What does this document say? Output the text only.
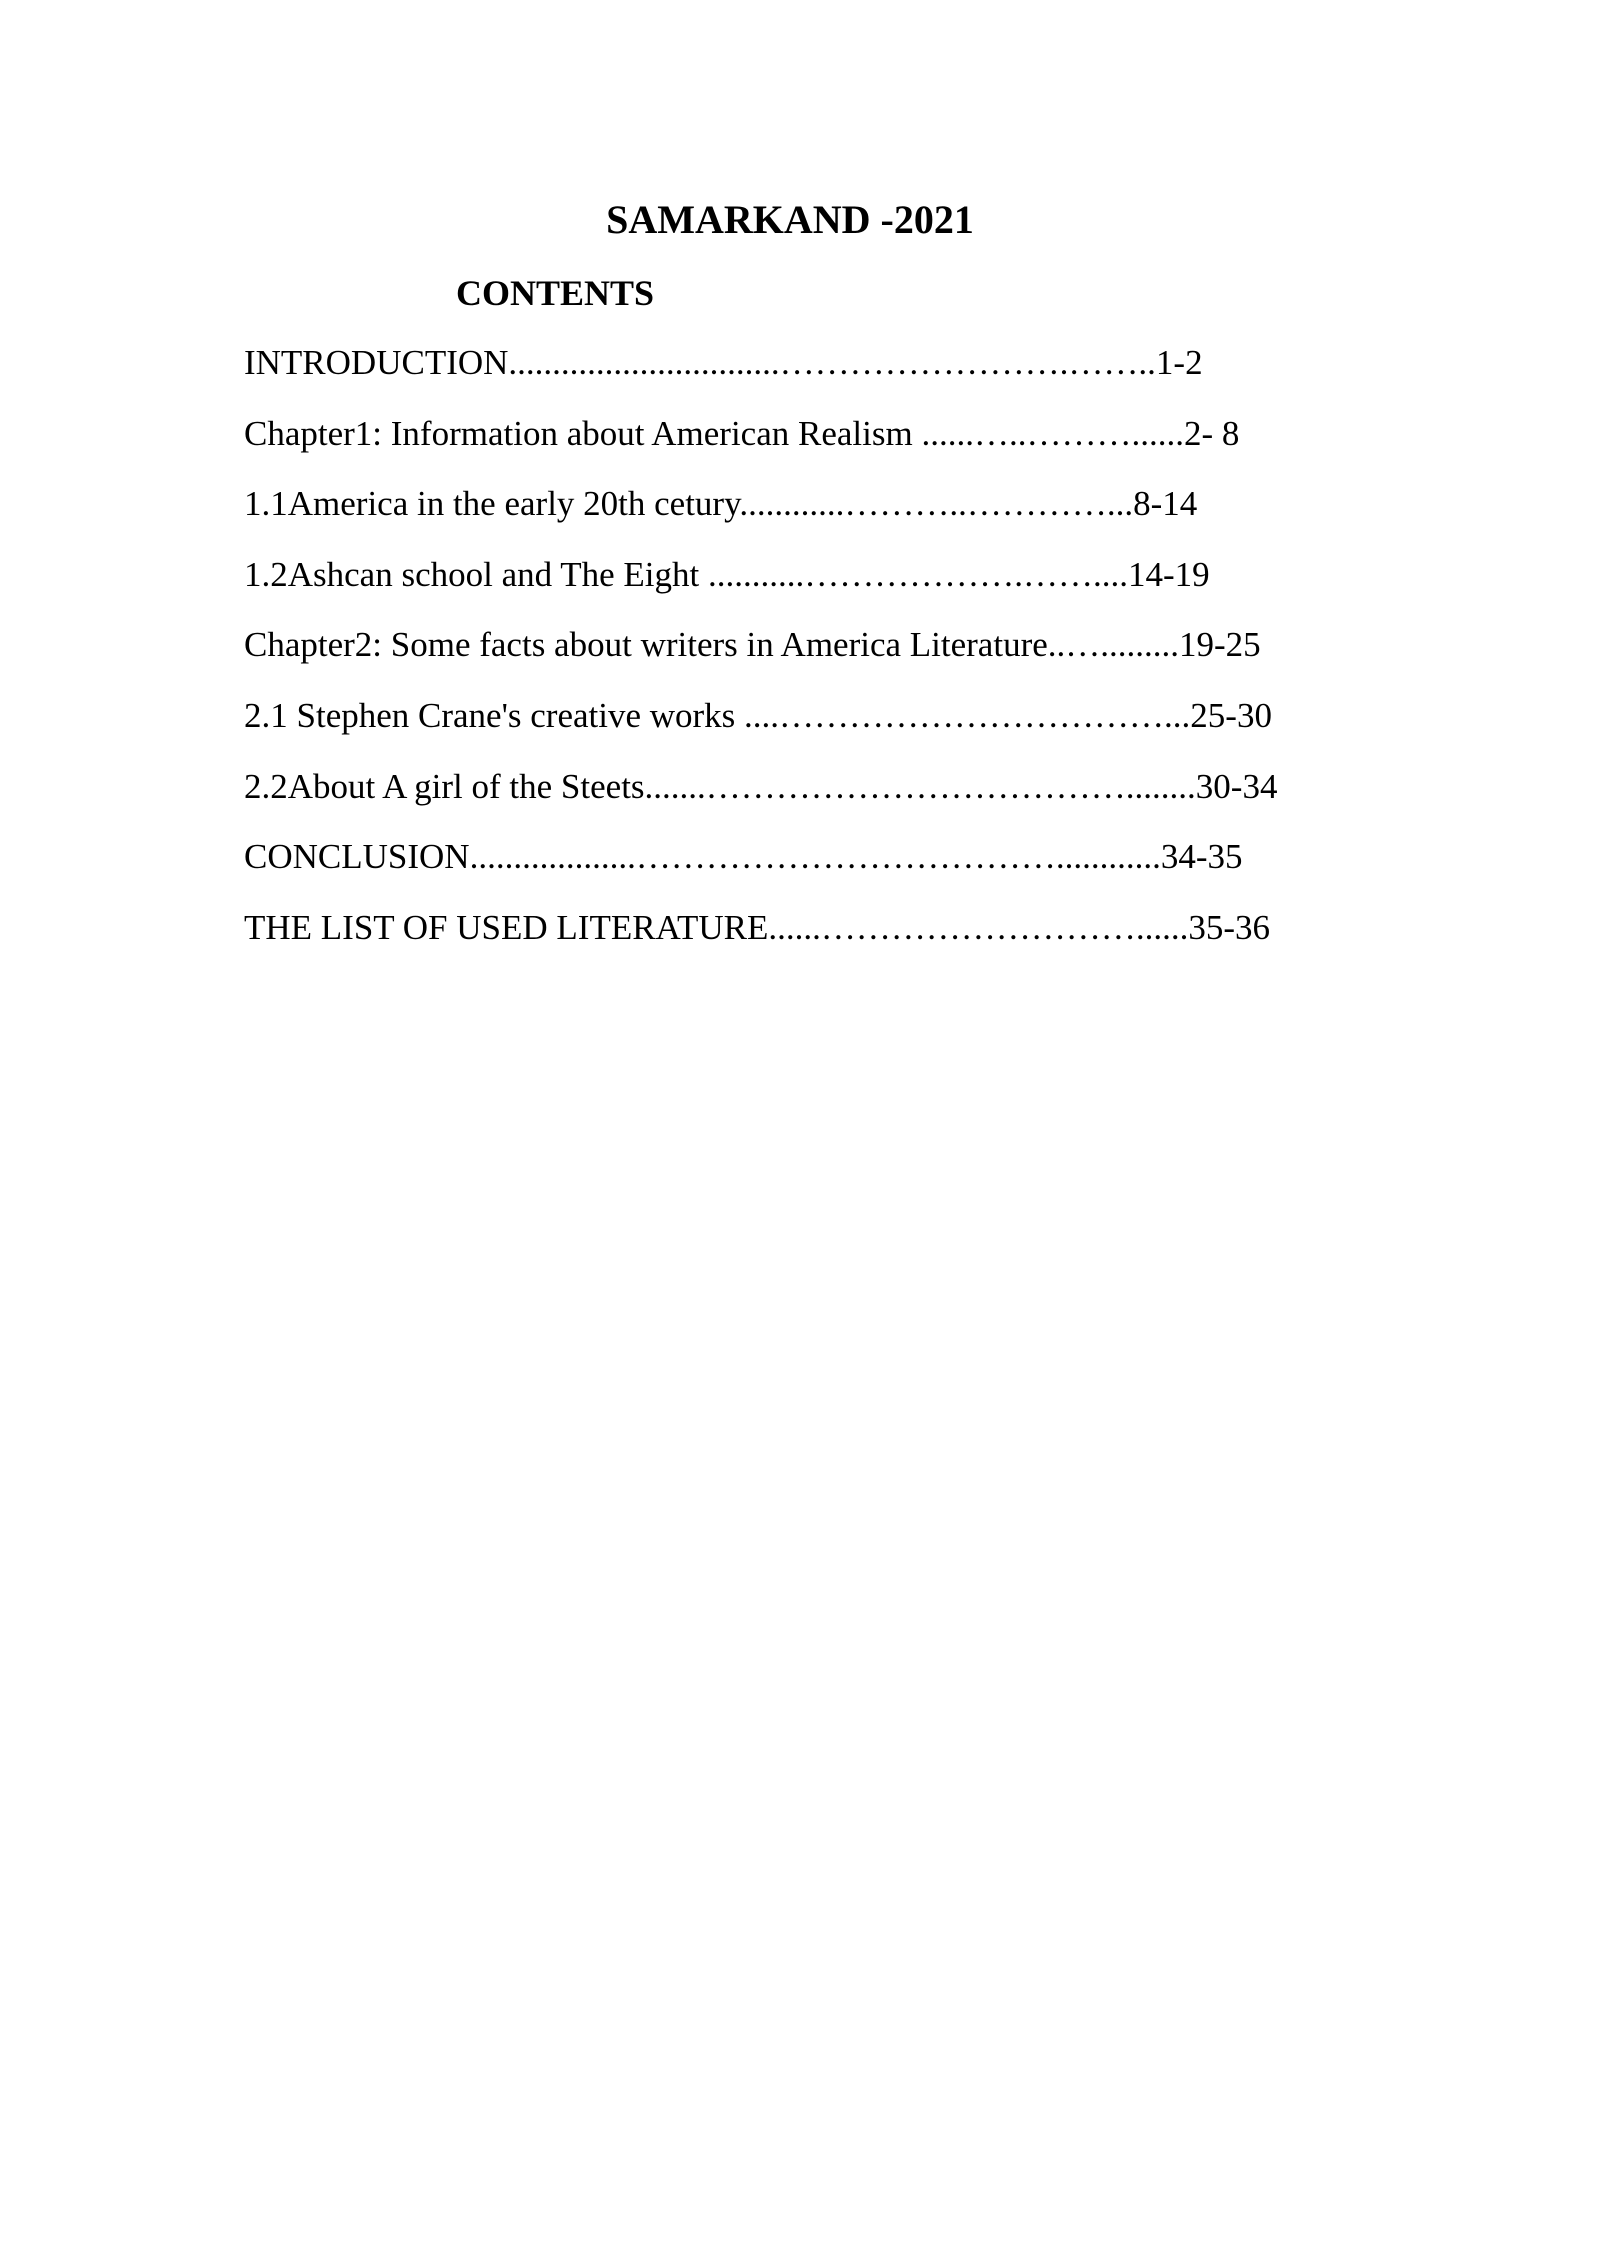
SAMARKAND -2021
CONTENTS
INTRODUCTION...............................…………………….……..1-2
Chapter1: Information about American Realism ......…..………......2- 8
1.1America in the early 20th cetury............………..…………...8-14
1.2Ashcan school and The Eight ...........……………….……....14-19
Chapter2: Some facts about writers in America Literature..….........19-25
2.1 Stephen Crane's creative works ....……………………………...25-30
2.2About A girl of the Steets.......………………………………........30-34
CONCLUSION...................………………………………............34-35
THE LIST OF USED LITERATURE......………………………......35-36
